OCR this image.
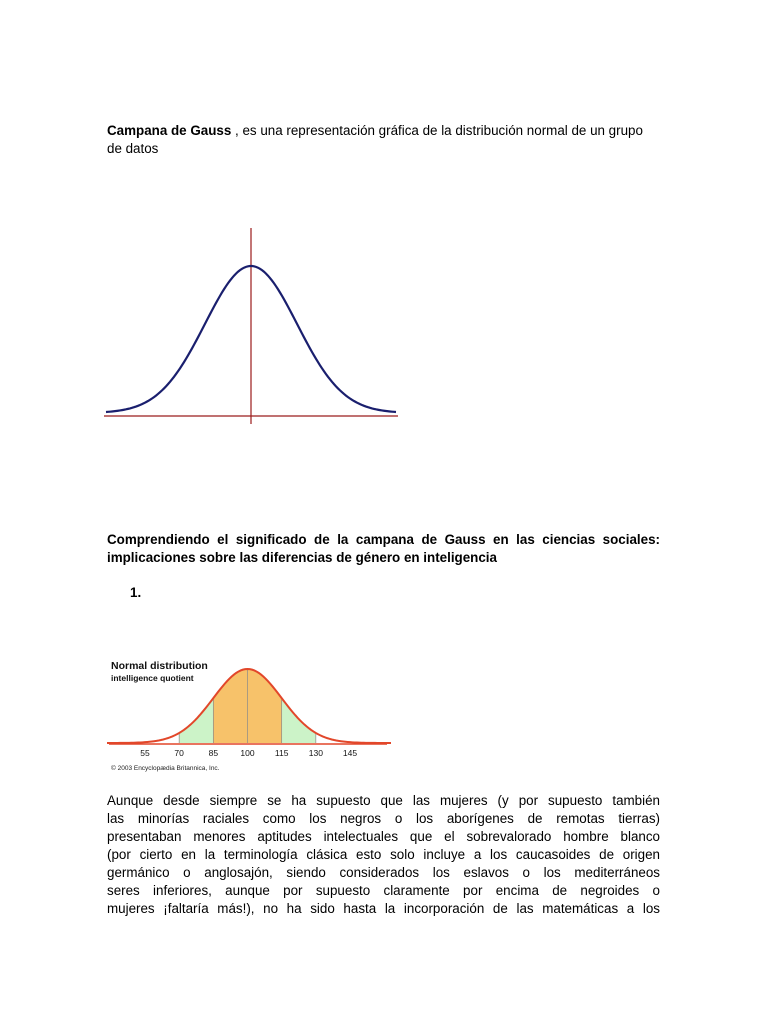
Campana de Gauss , es una representación gráfica de la distribución normal de un grupo de datos
Comprendiendo el significado de la campana de Gauss en las ciencias sociales: implicaciones sobre las diferencias de género en inteligencia
1.
Normal distribution
intelligence quotient
55	70	85	100 115 130 145
© 2003 Encyclopædia Britannica, Inc.
Aunque desde siempre se ha supuesto que las mujeres (y por supuesto también
las minorías raciales como los negros o los aborígenes de remotas tierras)
presentaban menores aptitudes intelectuales que el sobrevalorado hombre blanco
(por cierto en la terminología clásica esto solo incluye a los caucasoides de origen
germánico o anglosajón, siendo considerados los eslavos o los mediterráneos
seres inferiores, aunque por supuesto claramente por encima de negroides o
mujeres ¡faltaría más!), no ha sido hasta la incorporación de las matemáticas a los
